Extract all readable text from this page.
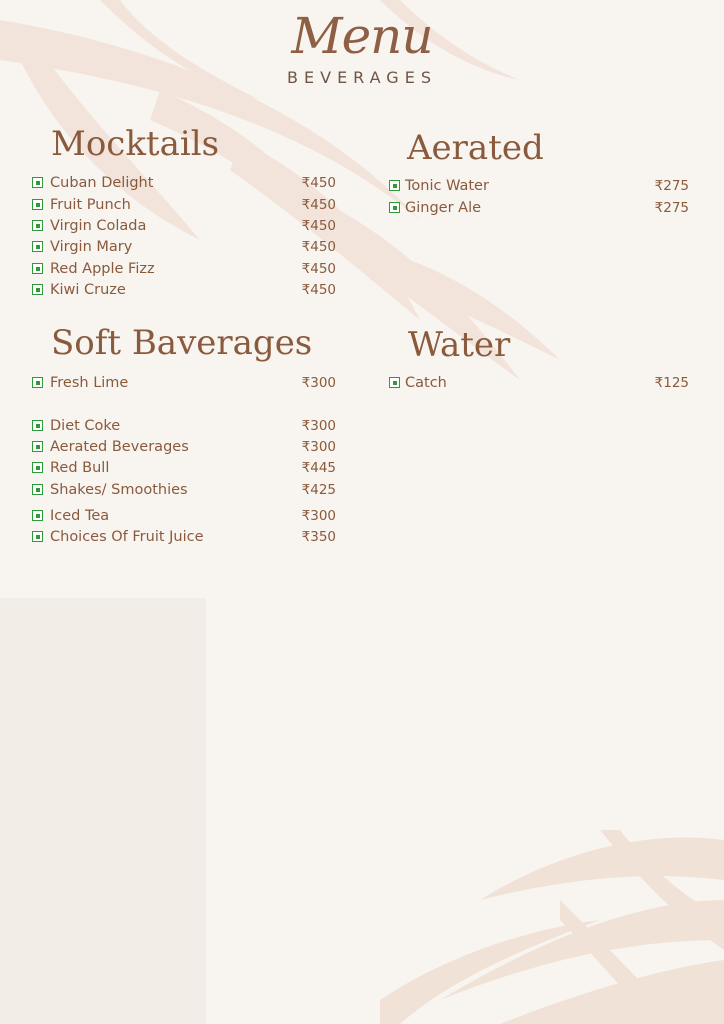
Menu
BEVERAGES
Mocktails
Cuban Delight	₹450
Fruit Punch	₹450
Virgin Colada	₹450
Virgin Mary	₹450
Red Apple Fizz	₹450
Kiwi Cruze	₹450
Soft Baverages
Fresh Lime	₹300
Diet Coke	₹300
Aerated Beverages	₹300
Red Bull	₹445
Shakes/ Smoothies	₹425
Iced Tea	₹300
Choices Of Fruit Juice	₹350
Aerated
Tonic Water	₹275
Ginger Ale	₹275
Water
Catch	₹125
